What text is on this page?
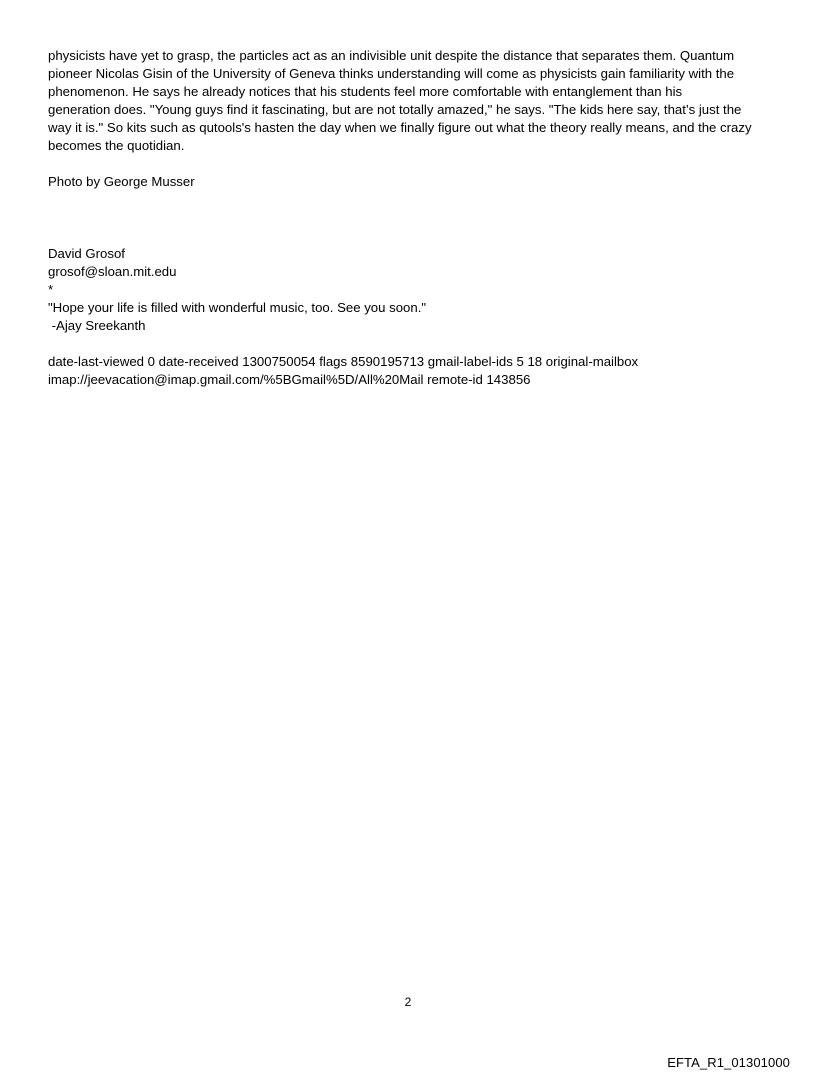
physicists have yet to grasp, the particles act as an indivisible unit despite the distance that separates them. Quantum
pioneer Nicolas Gisin of the University of Geneva thinks understanding will come as physicists gain familiarity with the
phenomenon. He says he already notices that his students feel more comfortable with entanglement than his
generation does. "Young guys find it fascinating, but are not totally amazed," he says. "The kids here say, that’s just the
way it is." So kits such as qutools's hasten the day when we finally figure out what the theory really means, and the crazy
becomes the quotidian.
Photo by George Musser
David Grosof
grosof@sloan.mit.edu
*
"Hope your life is filled with wonderful music, too. See you soon."
-Ajay Sreekanth
date-last-viewed 0 date-received 1300750054 flags 8590195713 gmail-label-ids 5 18 original-mailbox
imap://jeevacation@imap.gmail.com/%5BGmail%5D/All%20Mail remote-id 143856
2
EFTA_R1_01301000
